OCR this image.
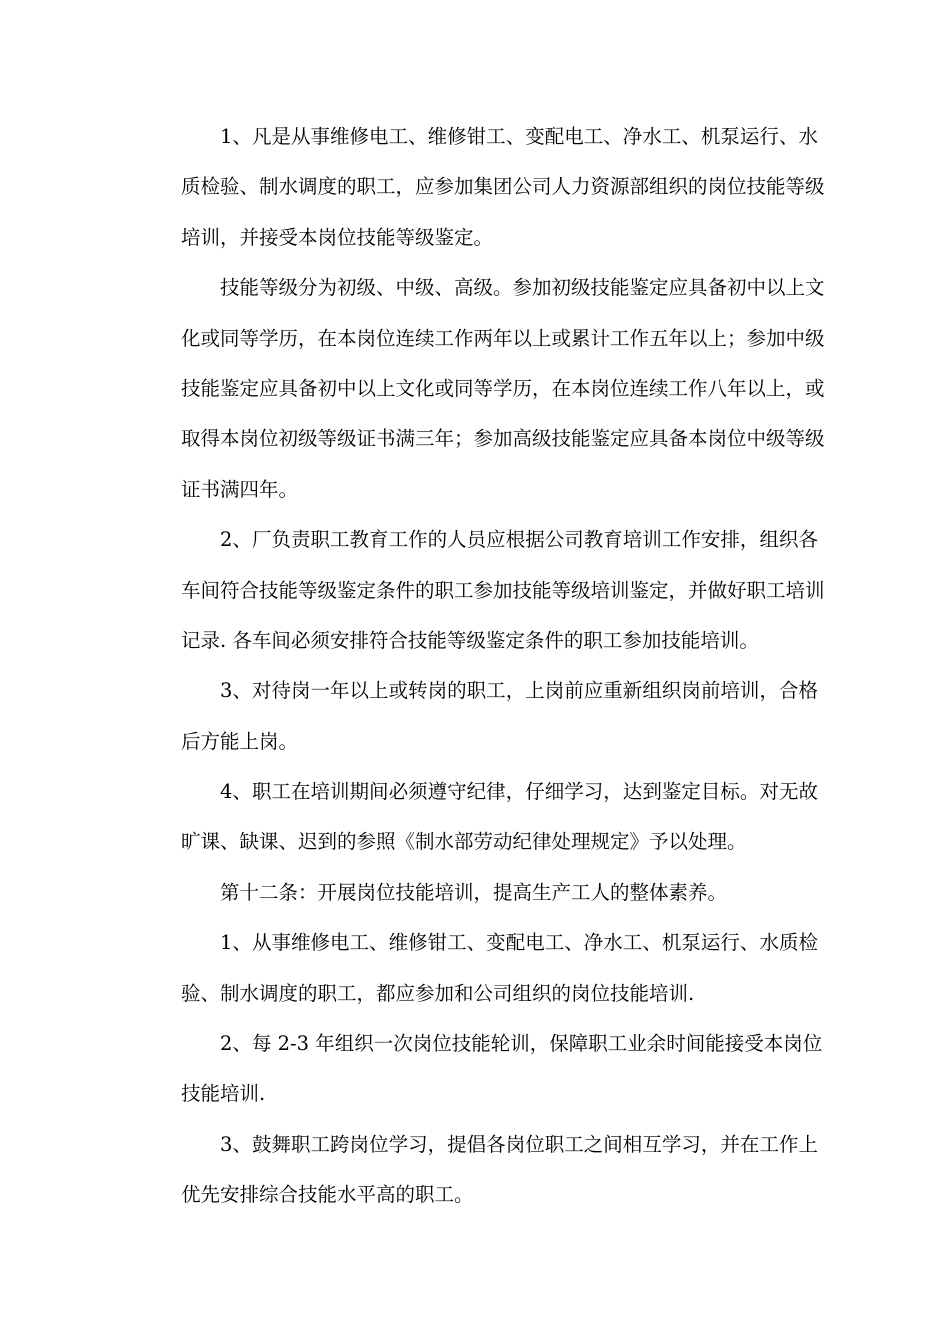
1、凡是从事维修电工、维修钳工、变配电工、净水工、机泵运行、水
质检验、制水调度的职工，应参加集团公司人力资源部组织的岗位技能等级
培训，并接受本岗位技能等级鉴定。
技能等级分为初级、中级、高级。参加初级技能鉴定应具备初中以上文
化或同等学历，在本岗位连续工作两年以上或累计工作五年以上；参加中级
技能鉴定应具备初中以上文化或同等学历，在本岗位连续工作八年以上，或
取得本岗位初级等级证书满三年；参加高级技能鉴定应具备本岗位中级等级
证书满四年。
2、厂负责职工教育工作的人员应根据公司教育培训工作安排，组织各
车间符合技能等级鉴定条件的职工参加技能等级培训鉴定，并做好职工培训
记录. 各车间必须安排符合技能等级鉴定条件的职工参加技能培训。
3、对待岗一年以上或转岗的职工，上岗前应重新组织岗前培训，合格
后方能上岗。
4、职工在培训期间必须遵守纪律，仔细学习，达到鉴定目标。对无故
旷课、缺课、迟到的参照《制水部劳动纪律处理规定》予以处理。
第十二条：开展岗位技能培训，提高生产工人的整体素养。
1、从事维修电工、维修钳工、变配电工、净水工、机泵运行、水质检
验、制水调度的职工，都应参加和公司组织的岗位技能培训.
2、每 2-3 年组织一次岗位技能轮训，保障职工业余时间能接受本岗位
技能培训.
3、鼓舞职工跨岗位学习，提倡各岗位职工之间相互学习，并在工作上
优先安排综合技能水平高的职工。
